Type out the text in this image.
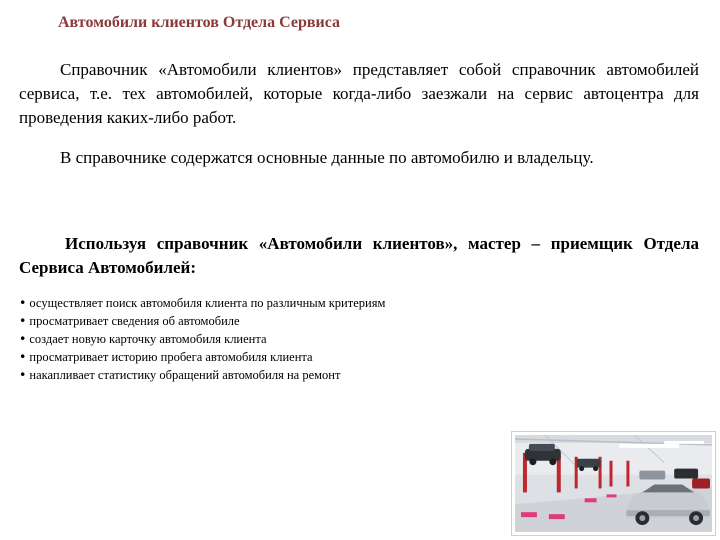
Автомобили клиентов Отдела Сервиса

Справочник «Автомобили клиентов» представляет собой справочник автомобилей сервиса, т.е. тех автомобилей, которые когда-либо заезжали на сервис автоцентра для проведения каких-либо работ.

В справочнике содержатся основные данные по автомобилю и владельцу.

Используя справочник «Автомобили клиентов», мастер – приемщик Отдела Сервиса Автомобилей:

• осуществляет поиск автомобиля клиента по различным критериям
• просматривает сведения об автомобиле
• создает новую карточку автомобиля клиента
• просматривает историю пробега автомобиля клиента
• накапливает статистику обращений автомобиля на ремонт
